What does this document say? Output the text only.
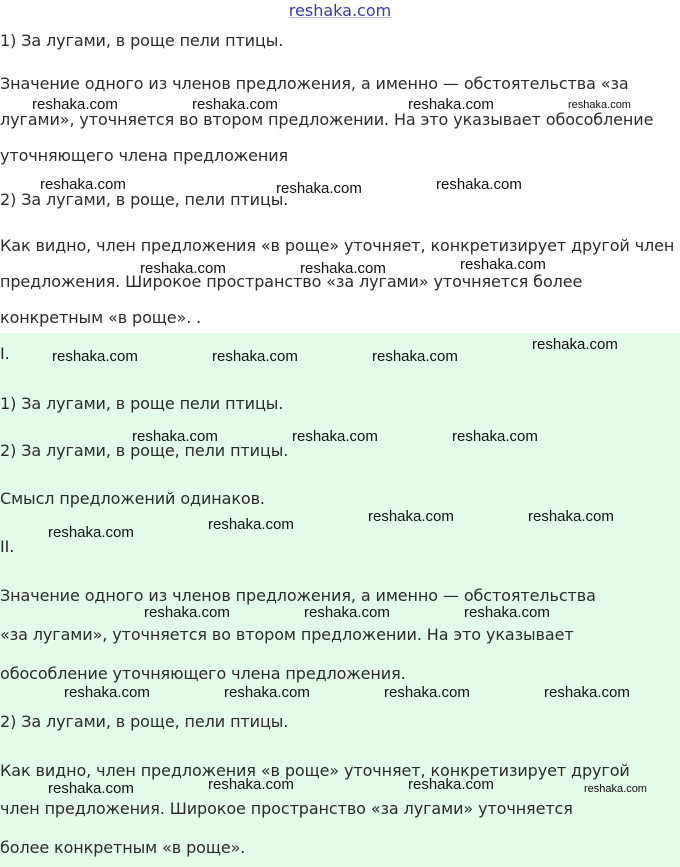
reshaka.com
1) За лугами, в роще пели птицы.
Значение одного из членов предложения, а именно — обстоятельства «за
лугами», уточняется во втором предложении. На это указывает обособление
уточняющего члена предложения
2) За лугами, в роще, пели птицы.
Как видно, член предложения «в роще» уточняет, конкретизирует другой член
предложения. Широкое пространство «за лугами» уточняется более
конкретным «в роще». .
I.
1) За лугами, в роще пели птицы.
2) За лугами, в роще, пели птицы.
Смысл предложений одинаков.
II.
Значение одного из членов предложения, а именно — обстоятельства
«за лугами», уточняется во втором предложении. На это указывает
обособление уточняющего члена предложения.
2) За лугами, в роще, пели птицы.
Как видно, член предложения «в роще» уточняет, конкретизирует другой
член предложения. Широкое пространство «за лугами» уточняется
более конкретным «в роще».
reshaka.com	reshaka.com	reshaka.com	reshaka.com
reshaka.com	reshaka.com	reshaka.com
reshaka.com	reshaka.com	reshaka.com
reshaka.com	reshaka.com	reshaka.com
reshaka.com
reshaka.com	reshaka.com	reshaka.com
reshaka.com	reshaka.com	reshaka.com	reshaka.com
reshaka.com	reshaka.com	reshaka.com
reshaka.com	reshaka.com	reshaka.com	reshaka.com
reshaka.com	reshaka.com	reshaka.com	reshaka.com
